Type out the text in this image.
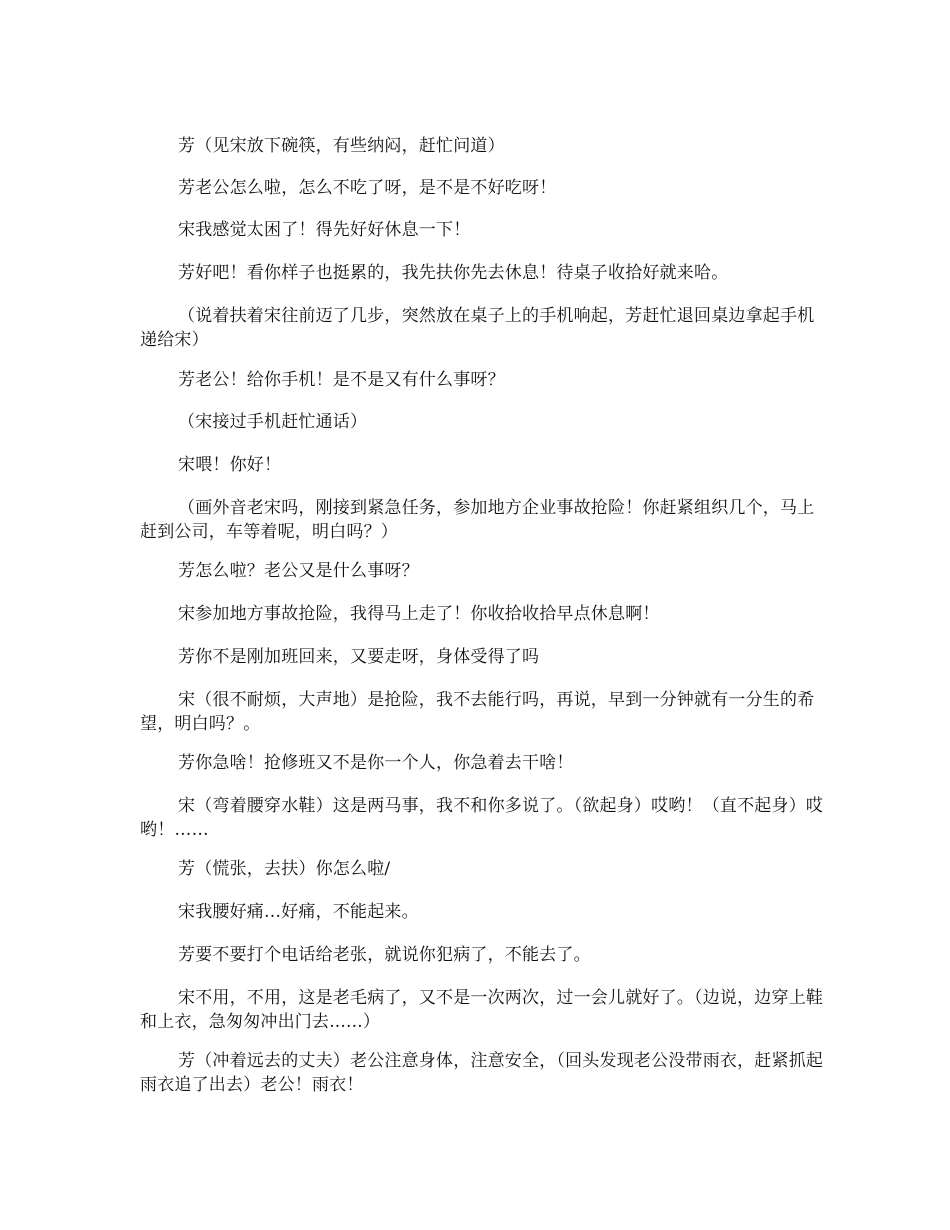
芳（见宋放下碗筷，有些纳闷，赶忙问道）

芳老公怎么啦，怎么不吃了呀，是不是不好吃呀！

宋我感觉太困了！得先好好休息一下！

芳好吧！看你样子也挺累的，我先扶你先去休息！待桌子收拾好就来哈。

（说着扶着宋往前迈了几步，突然放在桌子上的手机响起，芳赶忙退回桌边拿起手机递给宋）

芳老公！给你手机！是不是又有什么事呀？

（宋接过手机赶忙通话）

宋喂！你好！

（画外音老宋吗，刚接到紧急任务，参加地方企业事故抢险！你赶紧组织几个，马上赶到公司，车等着呢，明白吗？）

芳怎么啦？老公又是什么事呀？

宋参加地方事故抢险，我得马上走了！你收拾收拾早点休息啊！

芳你不是刚加班回来，又要走呀，身体受得了吗

宋（很不耐烦，大声地）是抢险，我不去能行吗，再说，早到一分钟就有一分生的希望，明白吗？。

芳你急啥！抢修班又不是你一个人，你急着去干啥！

宋（弯着腰穿水鞋）这是两马事，我不和你多说了。（欲起身）哎哟！（直不起身）哎哟！……

芳（慌张，去扶）你怎么啦/

宋我腰好痛…好痛，不能起来。

芳要不要打个电话给老张，就说你犯病了，不能去了。

宋不用，不用，这是老毛病了，又不是一次两次，过一会儿就好了。（边说，边穿上鞋和上衣，急匆匆冲出门去......）

芳（冲着远去的丈夫）老公注意身体，注意安全，（回头发现老公没带雨衣，赶紧抓起雨衣追了出去）老公！雨衣！
